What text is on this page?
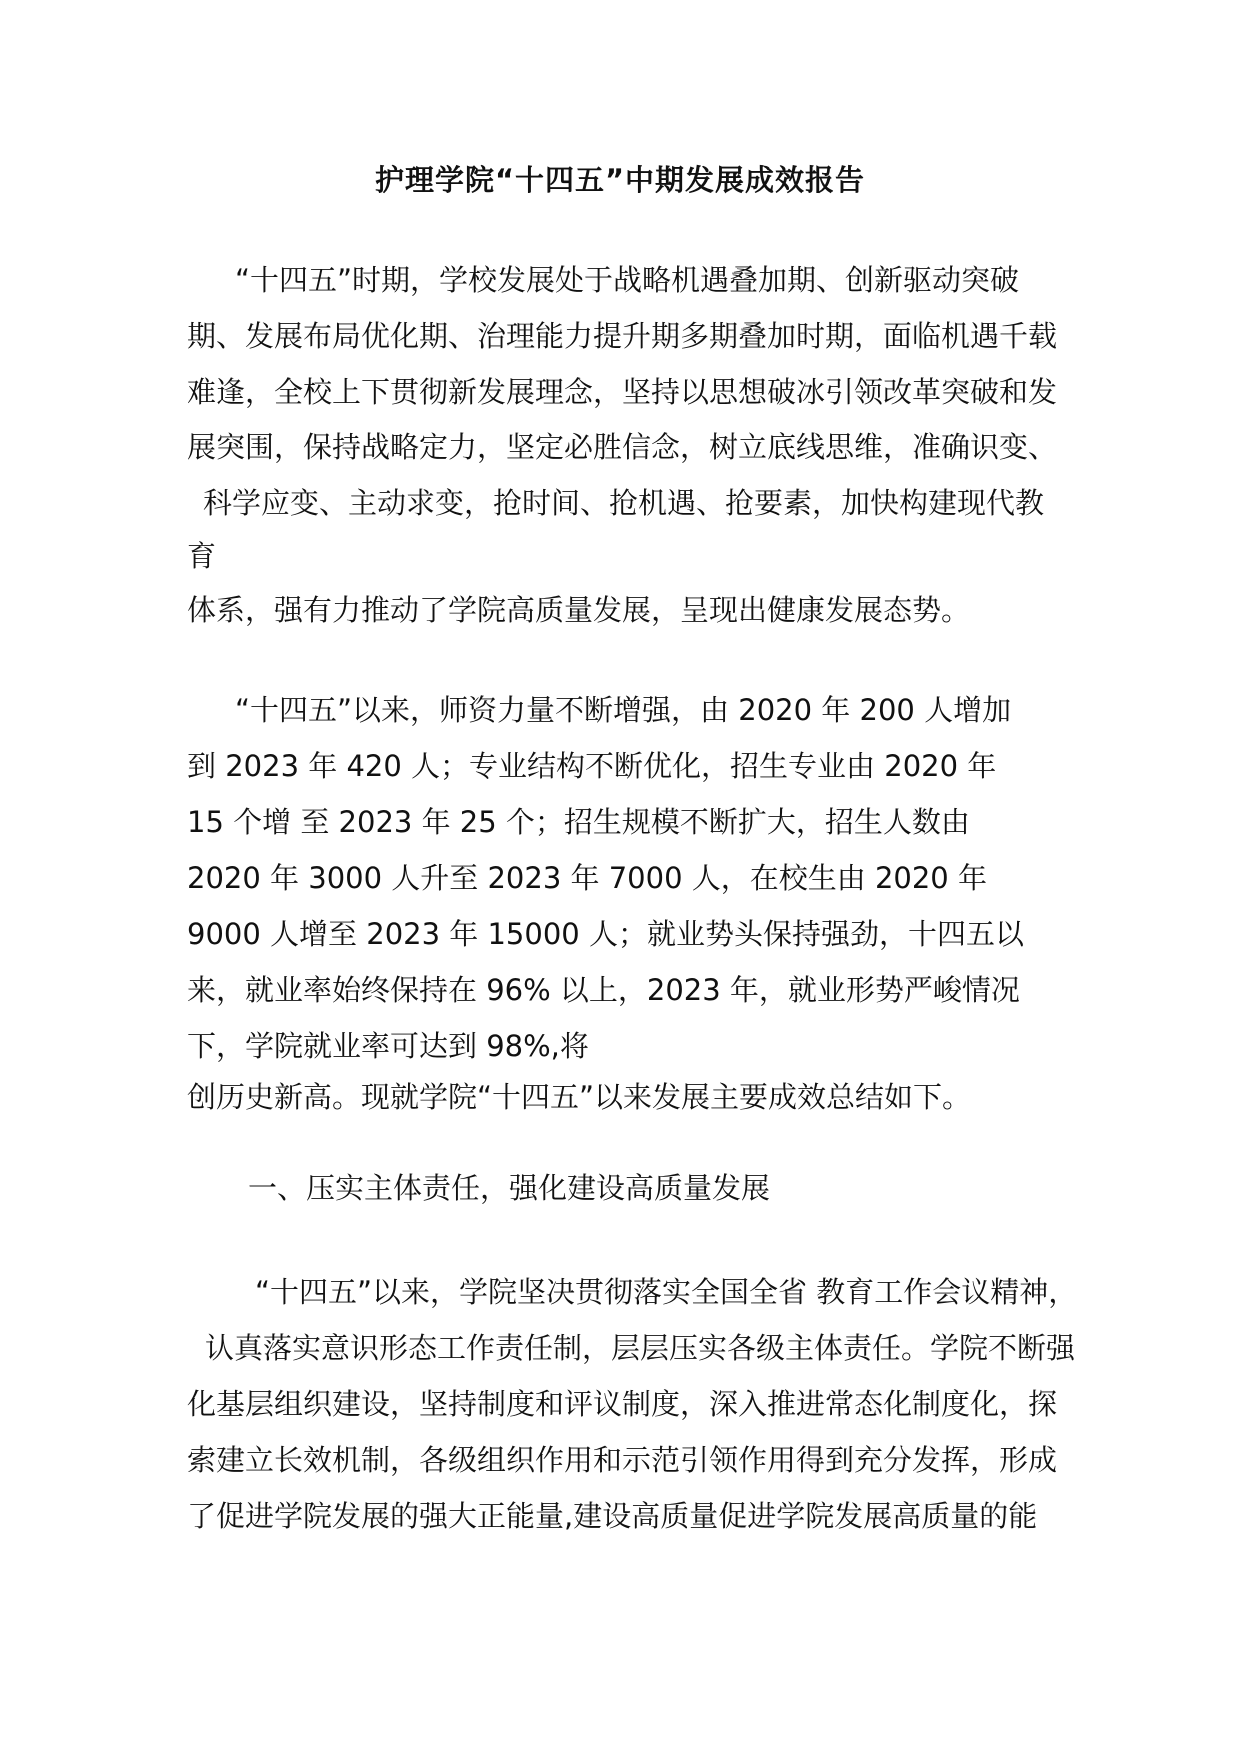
护理学院“十四五”中期发展成效报告

“十四五”时期，学校发展处于战略机遇叠加期、创新驱动突破

期、发展布局优化期、治理能力提升期多期叠加时期，面临机遇千载

难逢，全校上下贯彻新发展理念，坚持以思想破冰引领改革突破和发

展突围，保持战略定力，坚定必胜信念，树立底线思维，准确识变、

科学应变、主动求变，抢时间、抢机遇、抢要素，加快构建现代教

育

体系，强有力推动了学院高质量发展，呈现出健康发展态势。

“十四五”以来，师资力量不断增强，由 2020 年 200 人增加

到 2023 年 420 人；专业结构不断优化，招生专业由 2020 年

15 个增 至 2023 年 25 个；招生规模不断扩大，招生人数由

2020 年 3000 人升至 2023 年 7000 人，在校生由 2020 年

9000 人增至 2023 年 15000 人；就业势头保持强劲，十四五以

来，就业率始终保持在 96% 以上，2023 年，就业形势严峻情况

下，学院就业率可达到 98%,将

创历史新高。现就学院“十四五”以来发展主要成效总结如下。

一、压实主体责任，强化建设高质量发展

“十四五”以来，学院坚决贯彻落实全国全省 教育工作会议精神，

认真落实意识形态工作责任制，层层压实各级主体责任。学院不断强

化基层组织建设，坚持制度和评议制度，深入推进常态化制度化，探

索建立长效机制，各级组织作用和示范引领作用得到充分发挥，形成

了促进学院发展的强大正能量,建设高质量促进学院发展高质量的能
